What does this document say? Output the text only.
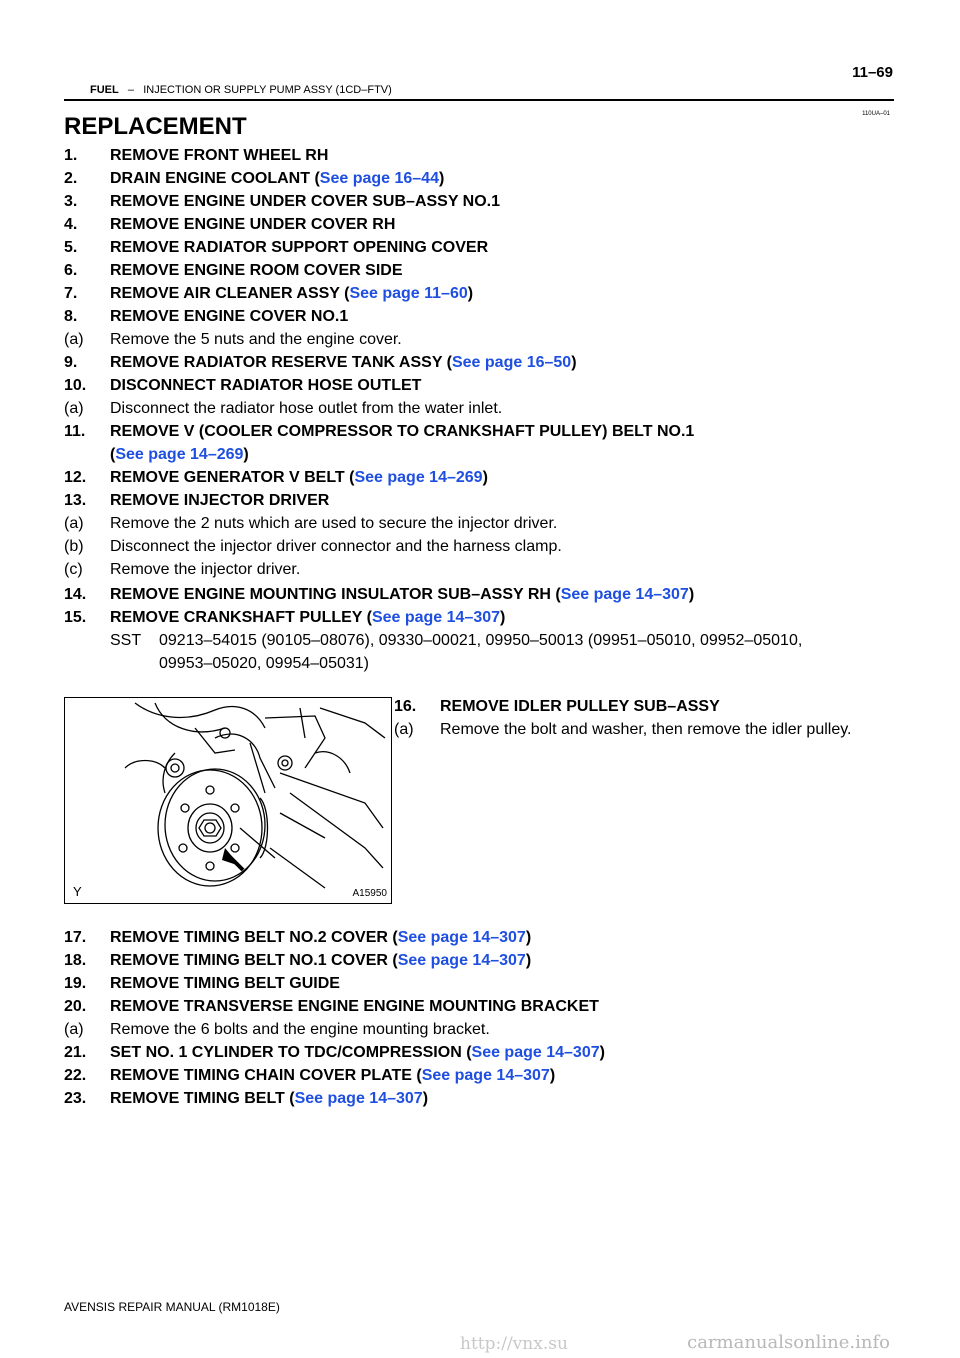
FUEL – INJECTION OR SUPPLY PUMP ASSY (1CD–FTV)
11–69
110UA–01
REPLACEMENT
1. REMOVE FRONT WHEEL RH
2. DRAIN ENGINE COOLANT (See page 16–44)
3. REMOVE ENGINE UNDER COVER SUB–ASSY NO.1
4. REMOVE ENGINE UNDER COVER RH
5. REMOVE RADIATOR SUPPORT OPENING COVER
6. REMOVE ENGINE ROOM COVER SIDE
7. REMOVE AIR CLEANER ASSY (See page 11–60)
8. REMOVE ENGINE COVER NO.1
(a) Remove the 5 nuts and the engine cover.
9. REMOVE RADIATOR RESERVE TANK ASSY (See page 16–50)
10. DISCONNECT RADIATOR HOSE OUTLET
(a) Disconnect the radiator hose outlet from the water inlet.
11. REMOVE V (COOLER COMPRESSOR TO CRANKSHAFT PULLEY) BELT NO.1
(See page 14–269)
12. REMOVE GENERATOR V BELT (See page 14–269)
13. REMOVE INJECTOR DRIVER
(a) Remove the 2 nuts which are used to secure the injector driver.
(b) Disconnect the injector driver connector and the harness clamp.
(c) Remove the injector driver.
14. REMOVE ENGINE MOUNTING INSULATOR SUB–ASSY RH (See page 14–307)
15. REMOVE CRANKSHAFT PULLEY (See page 14–307)
SST 09213–54015 (90105–08076), 09330–00021, 09950–50013 (09951–05010, 09952–05010,
09953–05020, 09954–05031)
16. REMOVE IDLER PULLEY SUB–ASSY
(a) Remove the bolt and washer, then remove the idler pulley.
17. REMOVE TIMING BELT NO.2 COVER (See page 14–307)
18. REMOVE TIMING BELT NO.1 COVER (See page 14–307)
19. REMOVE TIMING BELT GUIDE
20. REMOVE TRANSVERSE ENGINE ENGINE MOUNTING BRACKET
(a) Remove the 6 bolts and the engine mounting bracket.
21. SET NO. 1 CYLINDER TO TDC/COMPRESSION (See page 14–307)
22. REMOVE TIMING CHAIN COVER PLATE (See page 14–307)
23. REMOVE TIMING BELT (See page 14–307)
Y	A15950
AVENSIS REPAIR MANUAL (RM1018E)
http://vnx.su	carmanualsonline.info
